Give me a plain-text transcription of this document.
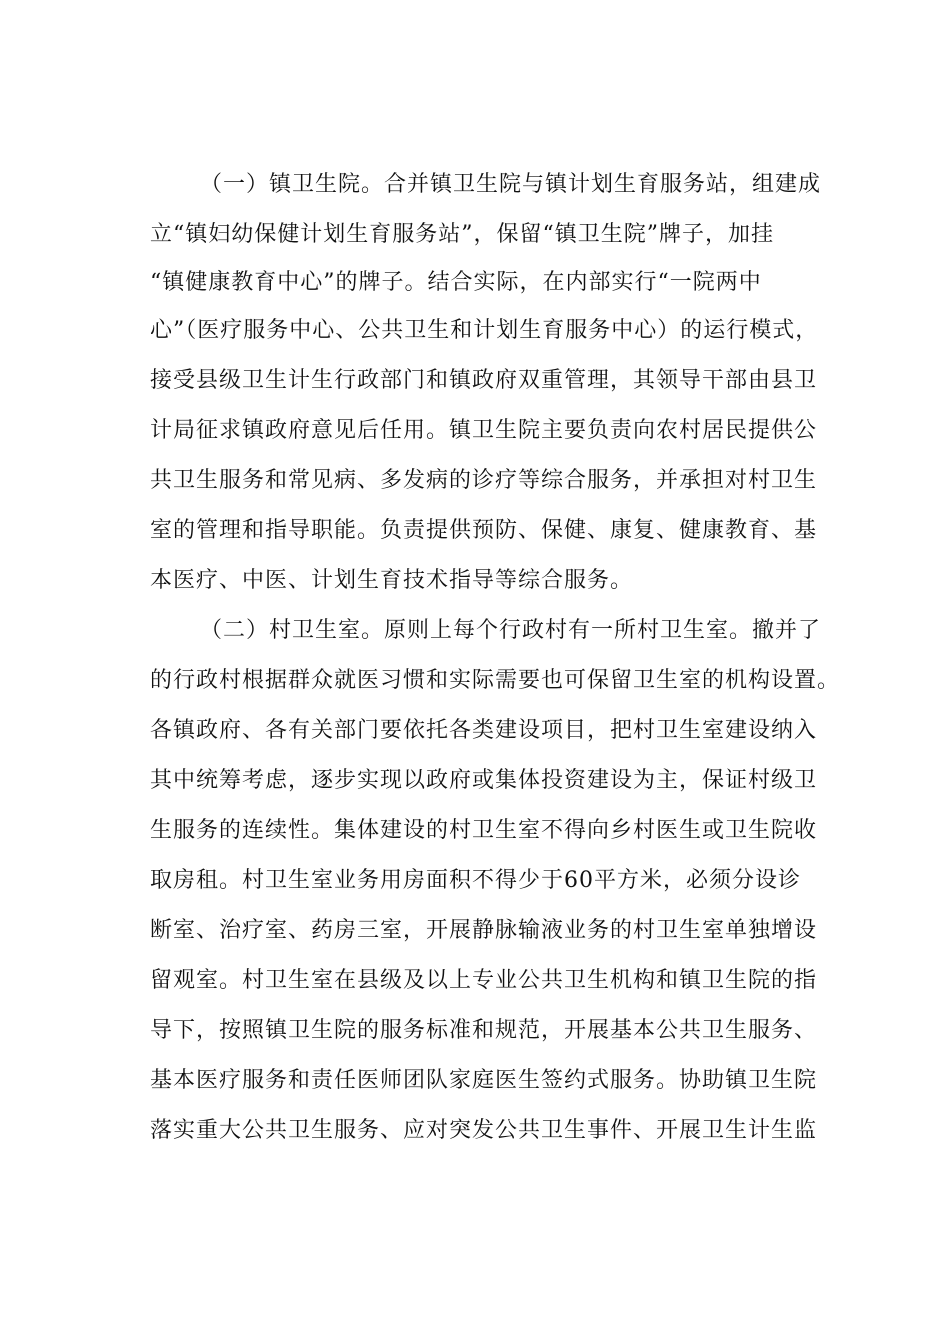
（一）镇卫生院。合并镇卫生院与镇计划生育服务站，组建成
立“镇妇幼保健计划生育服务站”，保留“镇卫生院”牌子，加挂
“镇健康教育中心”的牌子。结合实际，在内部实行“一院两中
心”（医疗服务中心、公共卫生和计划生育服务中心）的运行模式，
接受县级卫生计生行政部门和镇政府双重管理，其领导干部由县卫
计局征求镇政府意见后任用。镇卫生院主要负责向农村居民提供公
共卫生服务和常见病、多发病的诊疗等综合服务，并承担对村卫生
室的管理和指导职能。负责提供预防、保健、康复、健康教育、基
本医疗、中医、计划生育技术指导等综合服务。
（二）村卫生室。原则上每个行政村有一所村卫生室。撤并了
的行政村根据群众就医习惯和实际需要也可保留卫生室的机构设置。
各镇政府、各有关部门要依托各类建设项目，把村卫生室建设纳入
其中统筹考虑，逐步实现以政府或集体投资建设为主，保证村级卫
生服务的连续性。集体建设的村卫生室不得向乡村医生或卫生院收
取房租。村卫生室业务用房面积不得少于60平方米，必须分设诊
断室、治疗室、药房三室，开展静脉输液业务的村卫生室单独增设
留观室。村卫生室在县级及以上专业公共卫生机构和镇卫生院的指
导下，按照镇卫生院的服务标准和规范，开展基本公共卫生服务、
基本医疗服务和责任医师团队家庭医生签约式服务。协助镇卫生院
落实重大公共卫生服务、应对突发公共卫生事件、开展卫生计生监
